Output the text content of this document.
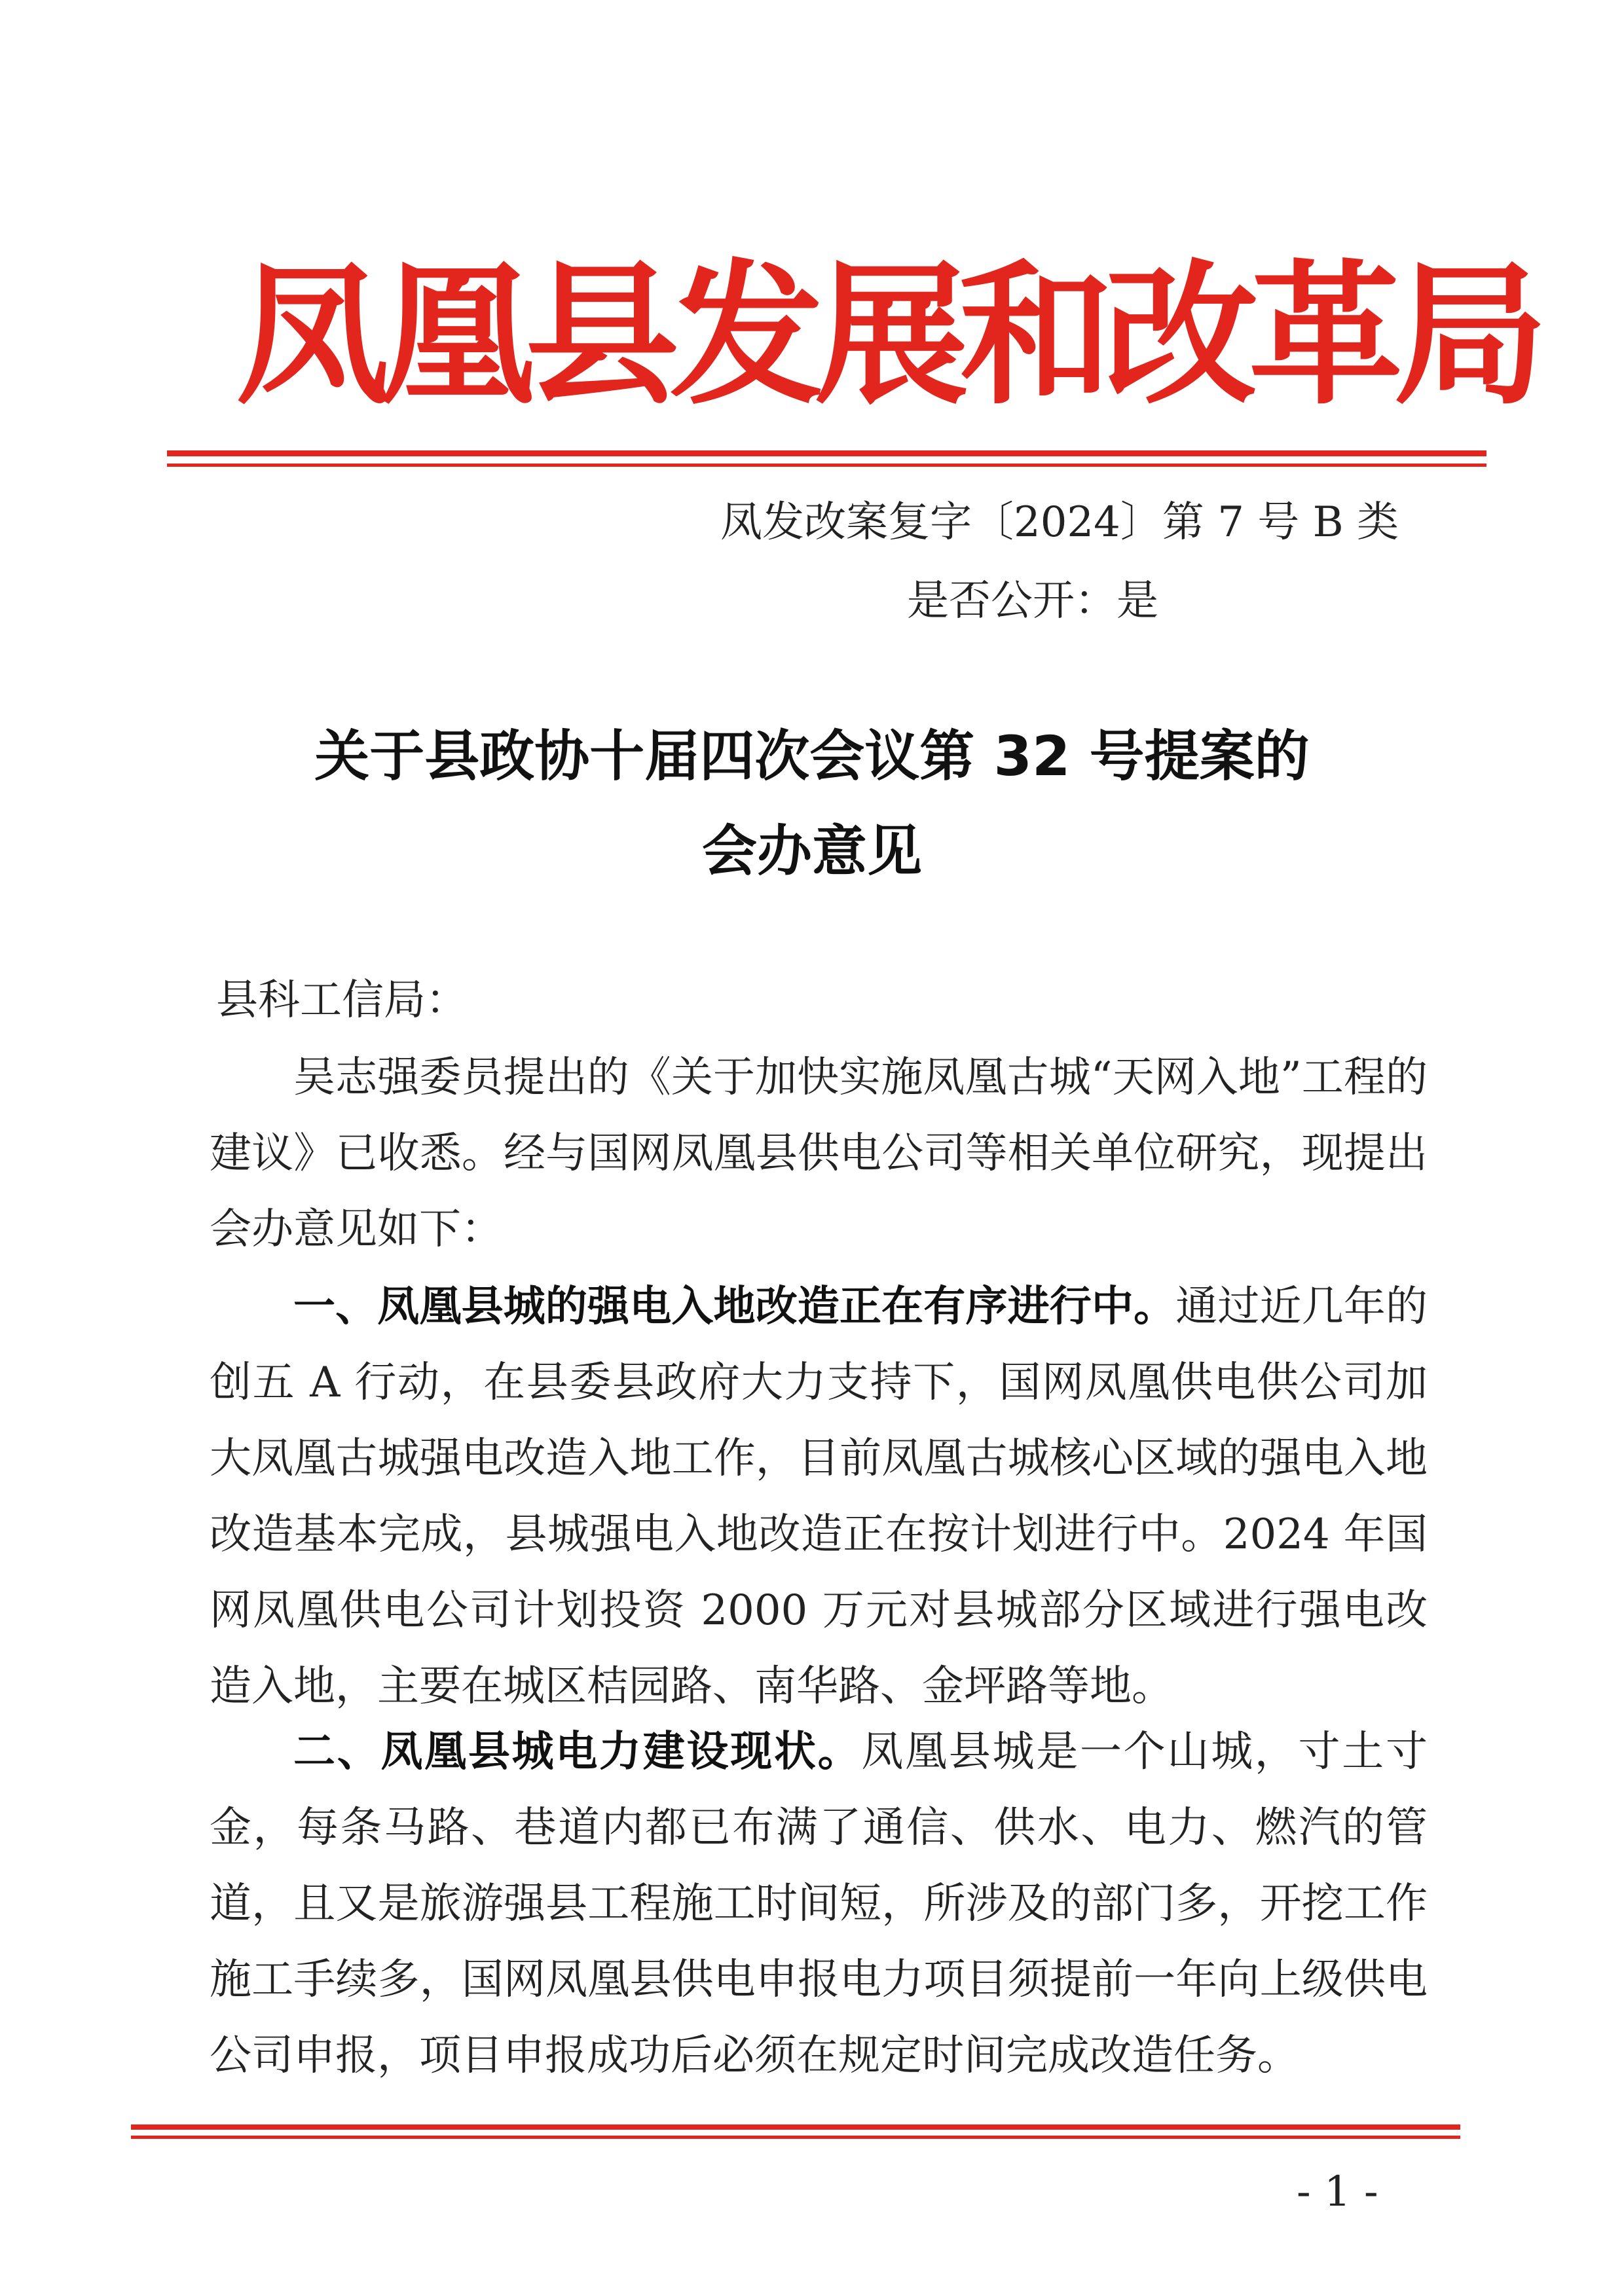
凤凰县发展和改革局
凤发改案复字〔2024〕第 7 号 B 类
是否公开：是
关于县政协十届四次会议第 32 号提案的
会办意见
县科工信局：

吴志强委员提出的《关于加快实施凤凰古城“天网入地”工程的建议》已收悉。经与国网凤凰县供电公司等相关单位研究，现提出会办意见如下：

一、凤凰县城的强电入地改造正在有序进行中。通过近几年的创五 A 行动，在县委县政府大力支持下，国网凤凰供电供公司加大凤凰古城强电改造入地工作，目前凤凰古城核心区域的强电入地改造基本完成，县城强电入地改造正在按计划进行中。2024 年国网凤凰供电公司计划投资 2000 万元对县城部分区域进行强电改造入地，主要在城区桔园路、南华路、金坪路等地。

二、凤凰县城电力建设现状。凤凰县城是一个山城，寸土寸金，每条马路、巷道内都已布满了通信、供水、电力、燃汽的管道，且又是旅游强县工程施工时间短，所涉及的部门多，开挖工作施工手续多，国网凤凰县供电申报电力项目须提前一年向上级供电公司申报，项目申报成功后必须在规定时间完成改造任务。

- 1 -
